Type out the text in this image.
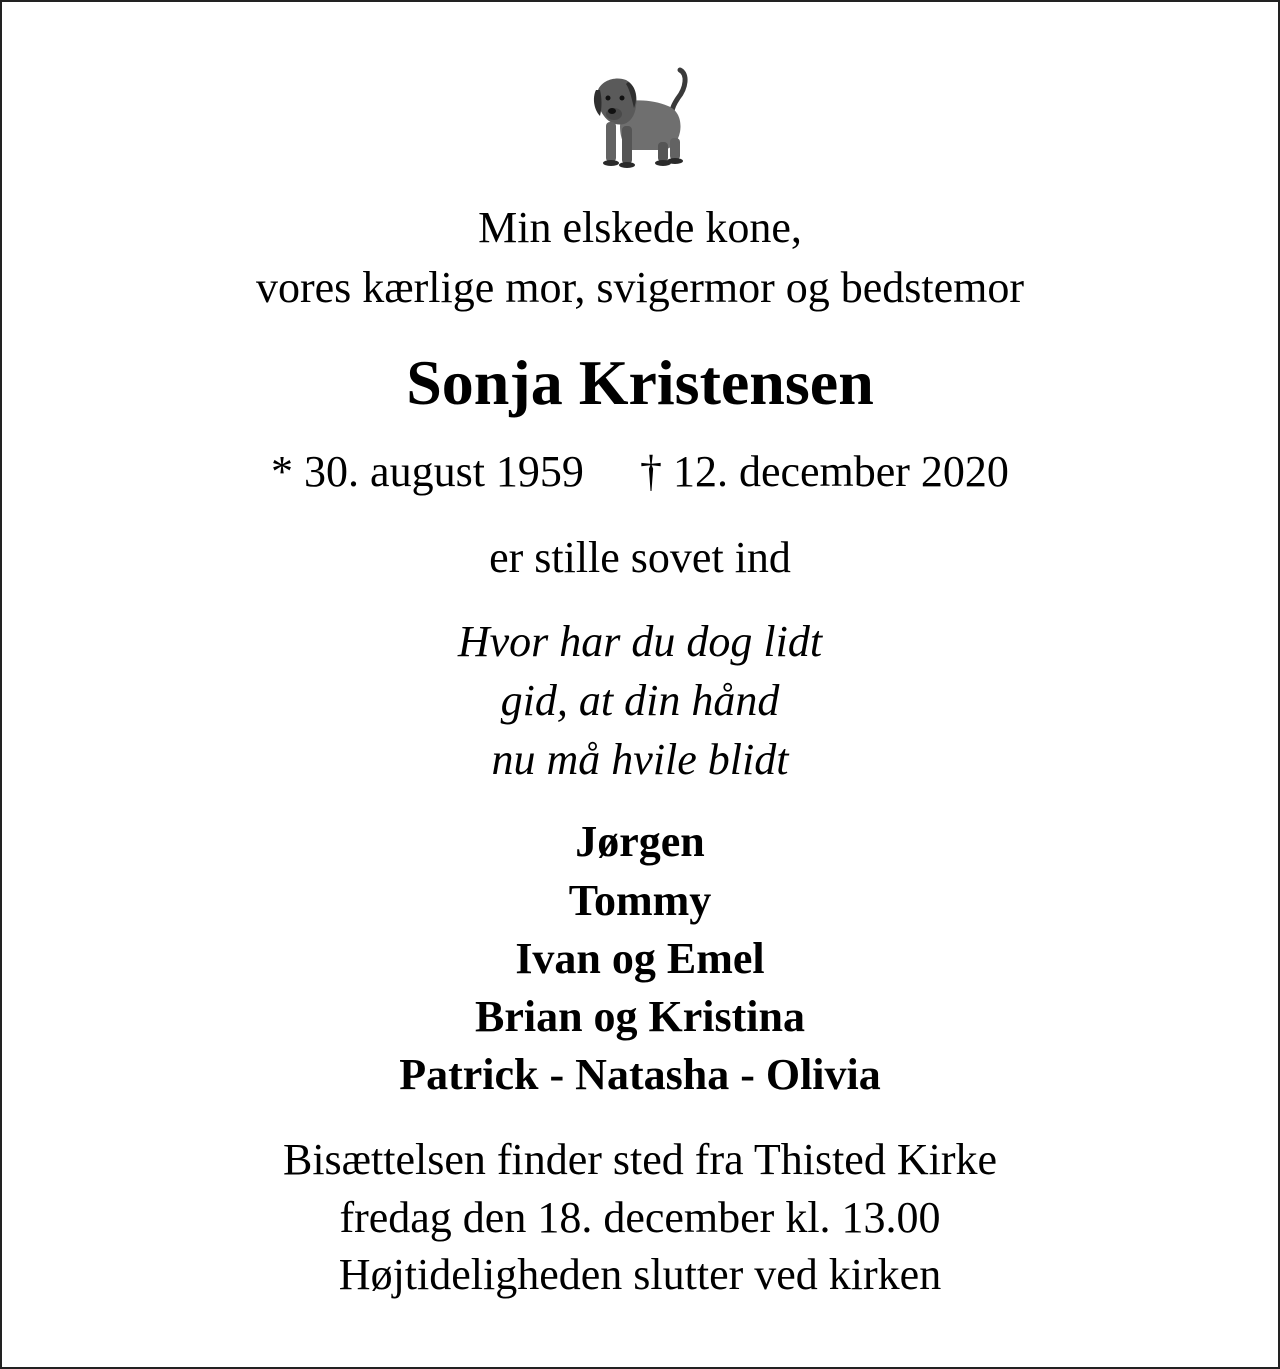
Min elskede kone,
vores kærlige mor, svigermor og bedstemor
Sonja Kristensen
* 30. august 1959 † 12. december 2020
er stille sovet ind
Hvor har du dog lidt
gid, at din hånd
nu må hvile blidt
Jørgen
Tommy
Ivan og Emel
Brian og Kristina
Patrick - Natasha - Olivia
Bisættelsen finder sted fra Thisted Kirke
fredag den 18. december kl. 13.00
Højtideligheden slutter ved kirken
